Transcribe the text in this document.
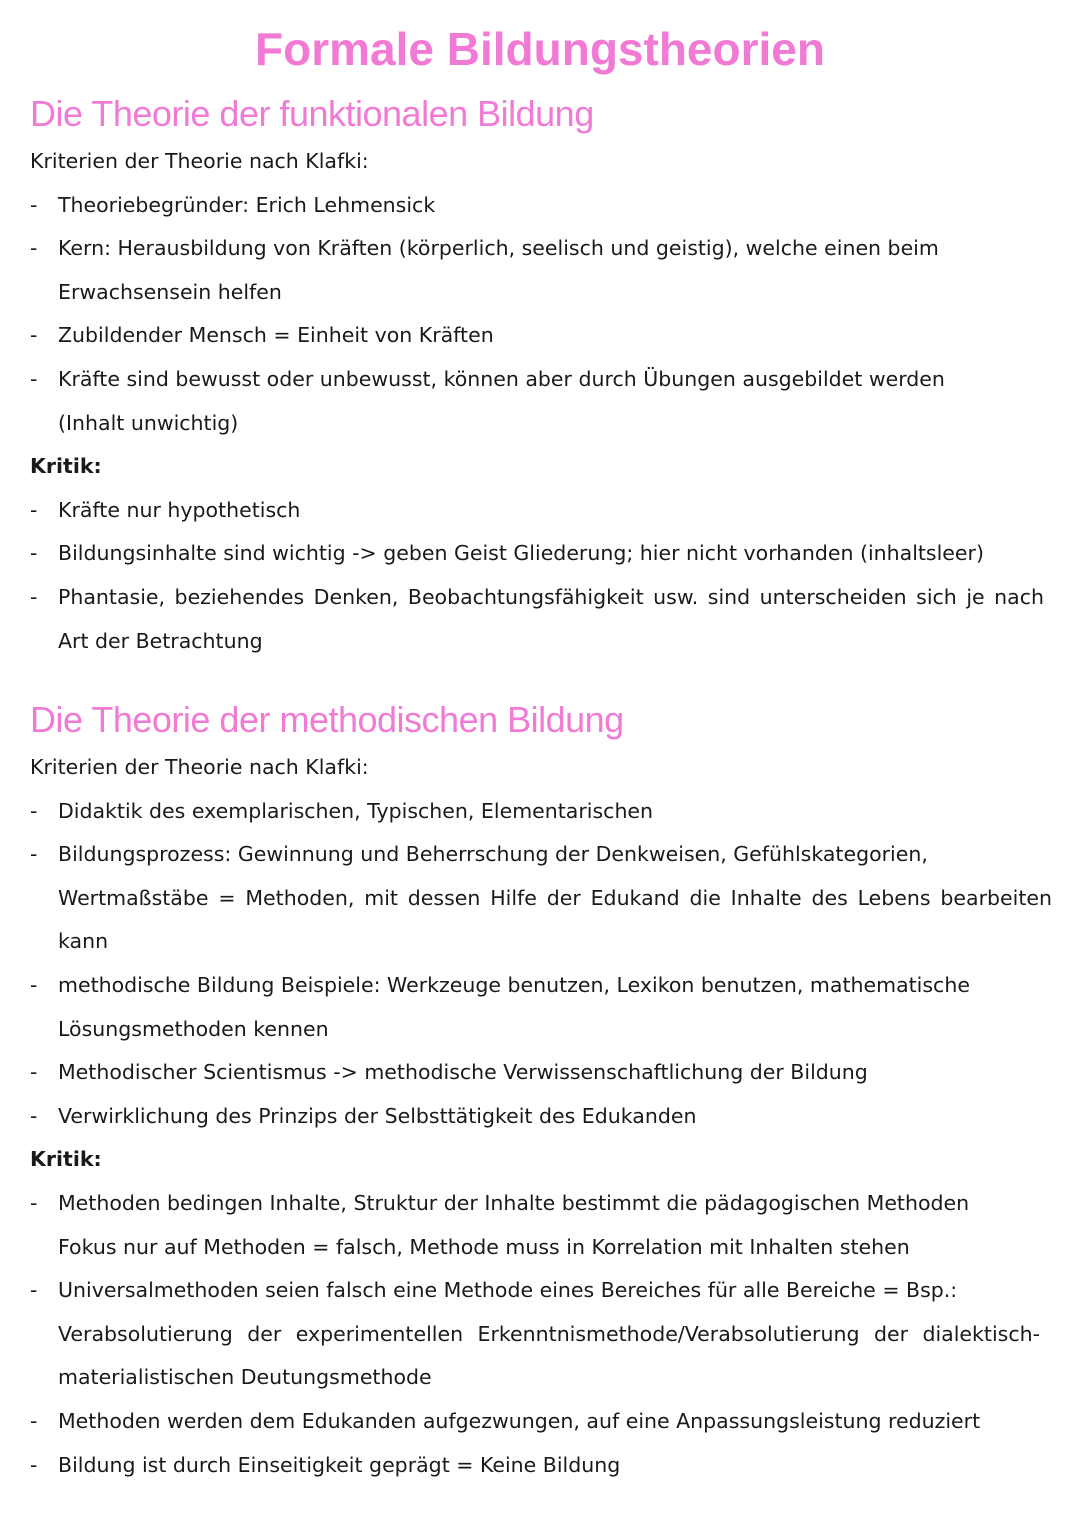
Formale Bildungstheorien
Die Theorie der funktionalen Bildung
Kriterien der Theorie nach Klafki:
-	Theoriebegründer: Erich Lehmensick
-	Kern: Herausbildung von Kräften (körperlich, seelisch und geistig), welche einen beim
Erwachsensein helfen
-	Zubildender Mensch = Einheit von Kräften
-	Kräfte sind bewusst oder unbewusst, können aber durch Übungen ausgebildet werden
(Inhalt unwichtig)
Kritik:
-	Kräfte nur hypothetisch
-	Bildungsinhalte sind wichtig -> geben Geist Gliederung; hier nicht vorhanden (inhaltsleer)
-	Phantasie, beziehendes Denken, Beobachtungsfähigkeit usw. sind unterscheiden sich je nach
Art der Betrachtung
Die Theorie der methodischen Bildung
Kriterien der Theorie nach Klafki:
-	Didaktik des exemplarischen, Typischen, Elementarischen
-	Bildungsprozess: Gewinnung und Beherrschung der Denkweisen, Gefühlskategorien,
Wertmaßstäbe = Methoden, mit dessen Hilfe der Edukand die Inhalte des Lebens bearbeiten
kann
-	methodische Bildung Beispiele: Werkzeuge benutzen, Lexikon benutzen, mathematische
Lösungsmethoden kennen
-	Methodischer Scientismus -> methodische Verwissenschaftlichung der Bildung
-	Verwirklichung des Prinzips der Selbsttätigkeit des Edukanden
Kritik:
-	Methoden bedingen Inhalte, Struktur der Inhalte bestimmt die pädagogischen Methoden
Fokus nur auf Methoden = falsch, Methode muss in Korrelation mit Inhalten stehen
-	Universalmethoden seien falsch eine Methode eines Bereiches für alle Bereiche = Bsp.:
Verabsolutierung der experimentellen Erkenntnismethode/Verabsolutierung der dialektisch-
materialistischen Deutungsmethode
-	Methoden werden dem Edukanden aufgezwungen, auf eine Anpassungsleistung reduziert
-	Bildung ist durch Einseitigkeit geprägt = Keine Bildung
